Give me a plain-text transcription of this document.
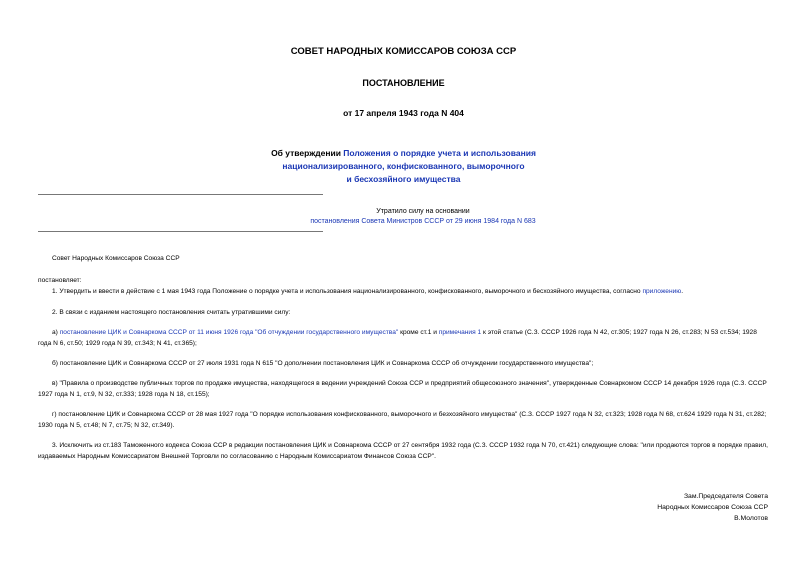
СОВЕТ НАРОДНЫХ КОМИССАРОВ СОЮЗА ССР
ПОСТАНОВЛЕНИЕ
от 17 апреля 1943 года N 404
Об утверждении Положения о порядке учета и использования
национализированного, конфискованного, выморочного
и бесхозяйного имущества
Утратило силу на основании
постановления Совета Министров СССР от 29 июня 1984 года N 683
Совет Народных Комиссаров Союза ССР
постановляет:
1. Утвердить и ввести в действие с 1 мая 1943 года Положение о порядке учета и использования национализированного, конфискованного, выморочного и бесхозяйного имущества, согласно приложению.
2. В связи с изданием настоящего постановления считать утратившими силу:
а) постановление ЦИК и Совнаркома СССР от 11 июня 1926 года "Об отчуждении государственного имущества" кроме ст.1 и примечания 1 к этой статье (С.З. СССР 1926 года N 42, ст.305; 1927 года N 26, ст.283; N 53 ст.534; 1928 года N 6, ст.50; 1929 года N 39, ст.343; N 41, ст.365);
б) постановление ЦИК и Совнаркома СССР от 27 июля 1931 года N 615 "О дополнении постановления ЦИК и Совнаркома СССР об отчуждении государственного имущества";
в) "Правила о производстве публичных торгов по продаже имущества, находящегося в ведении учреждений Союза ССР и предприятий общесоюзного значения", утвержденные Совнаркомом СССР 14 декабря 1926 года (С.З. СССР 1927 года N 1, ст.9, N 32, ст.333; 1928 года N 18, ст.155);
г) постановление ЦИК и Совнаркома СССР от 28 мая 1927 года "О порядке использования конфискованного, выморочного и безхозяйного имущества" (С.З. СССР 1927 года N 32, ст.323; 1928 года N 68, ст.624 1929 года N 31, ст.282; 1930 года N 5, ст.48; N 7, ст.75; N 32, ст.349).
3. Исключить из ст.183 Таможенного кодекса Союза ССР в редакции постановления ЦИК и Совнаркома СССР от 27 сентября 1932 года (С.З. СССР 1932 года N 70, ст.421) следующие слова: "или продаются торгов в порядке правил, издаваемых Народным Комиссариатом Внешней Торговли по согласованию с Народным Комиссариатом Финансов Союза ССР".
Зам.Председателя Совета
Народных Комиссаров Союза ССР
В.Молотов
